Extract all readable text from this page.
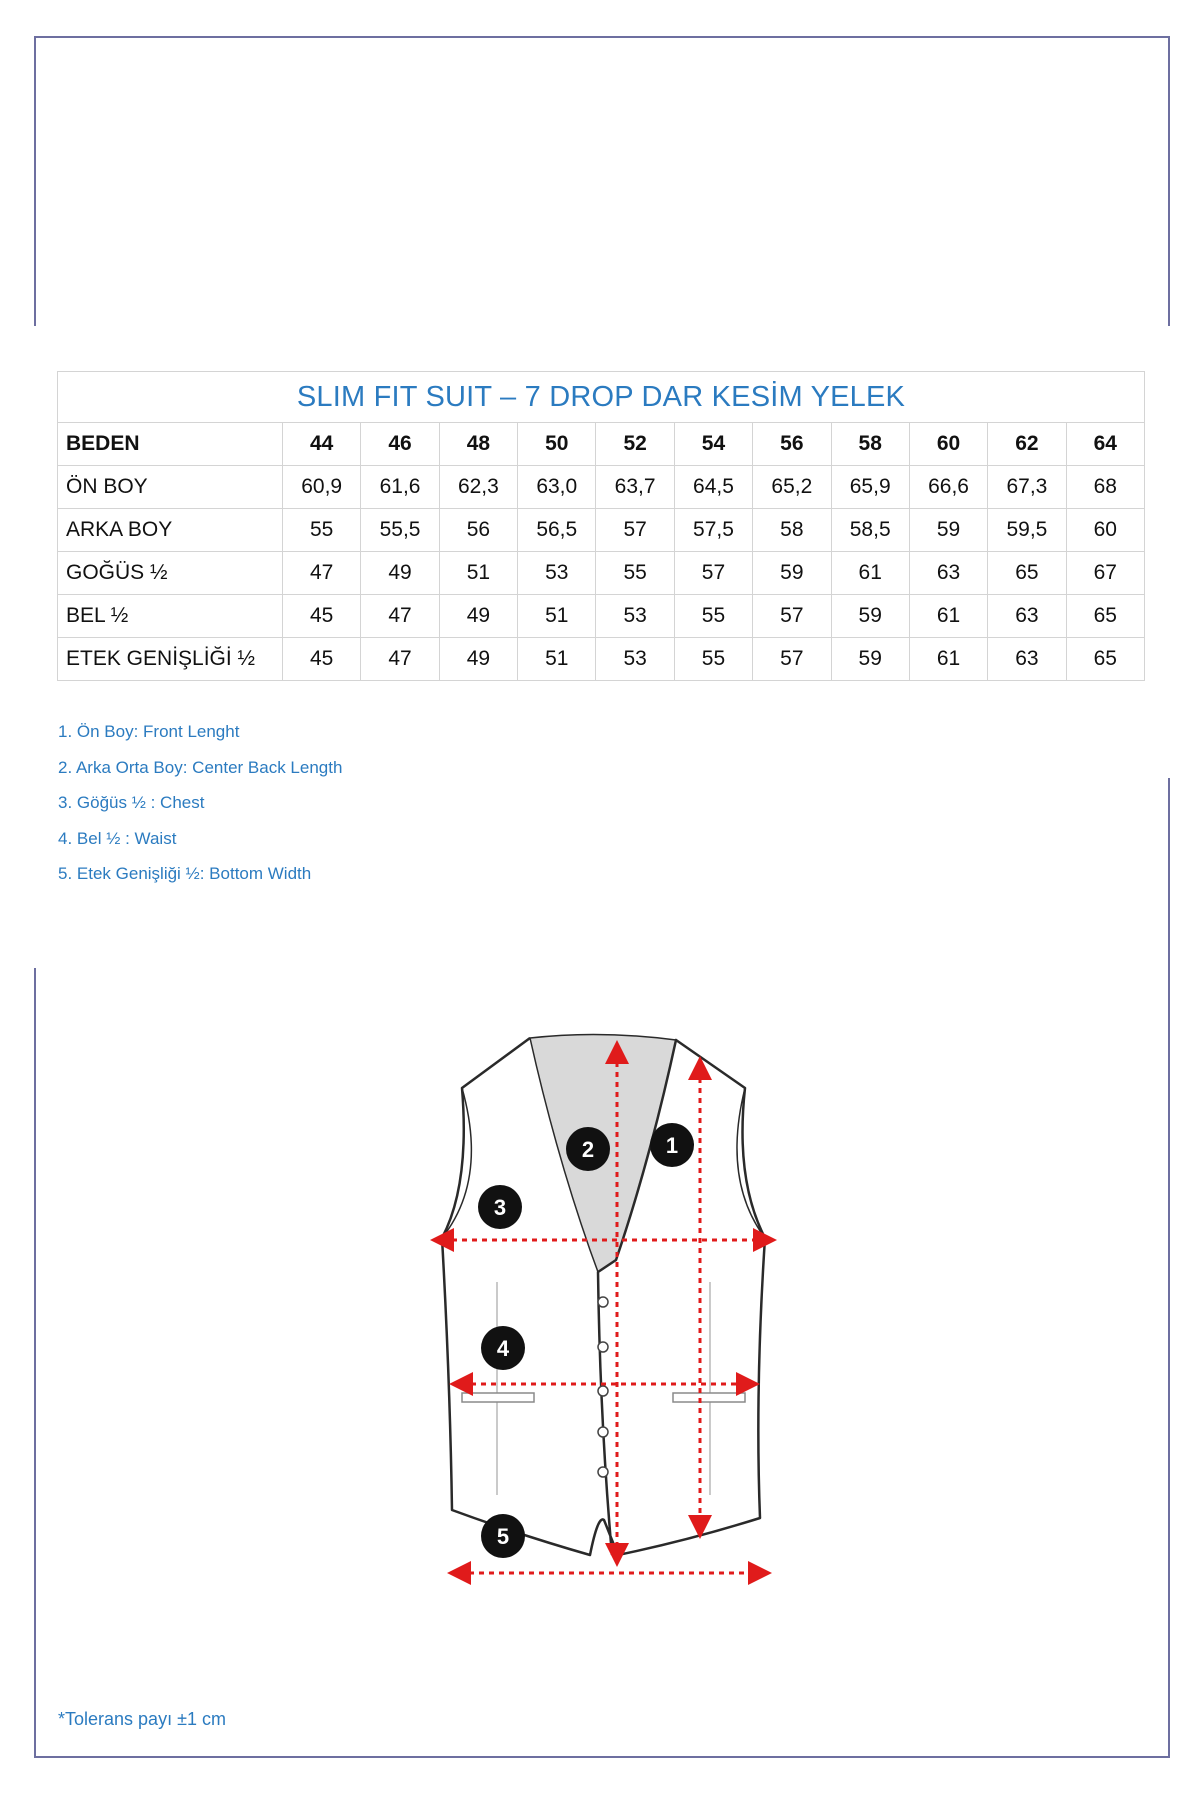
SLIM FIT SUIT – 7 DROP DAR KESİM YELEK											
BEDEN	44	46	48	50	52	54	56	58	60	62	64
ÖN BOY	60,9	61,6	62,3	63,0	63,7	64,5	65,2	65,9	66,6	67,3	68
ARKA BOY	55	55,5	56	56,5	57	57,5	58	58,5	59	59,5	60
GOĞÜS ½	47	49	51	53	55	57	59	61	63	65	67
BEL ½	45	47	49	51	53	55	57	59	61	63	65
ETEK GENİŞLİĞİ ½	45	47	49	51	53	55	57	59	61	63	65
1. Ön Boy: Front Lenght
2. Arka Orta Boy: Center Back Length
3. Göğüs ½ : Chest
4. Bel ½ : Waist
5. Etek Genişliği ½: Bottom Width
1
2
3
4
5
*Tolerans payı ±1 cm
